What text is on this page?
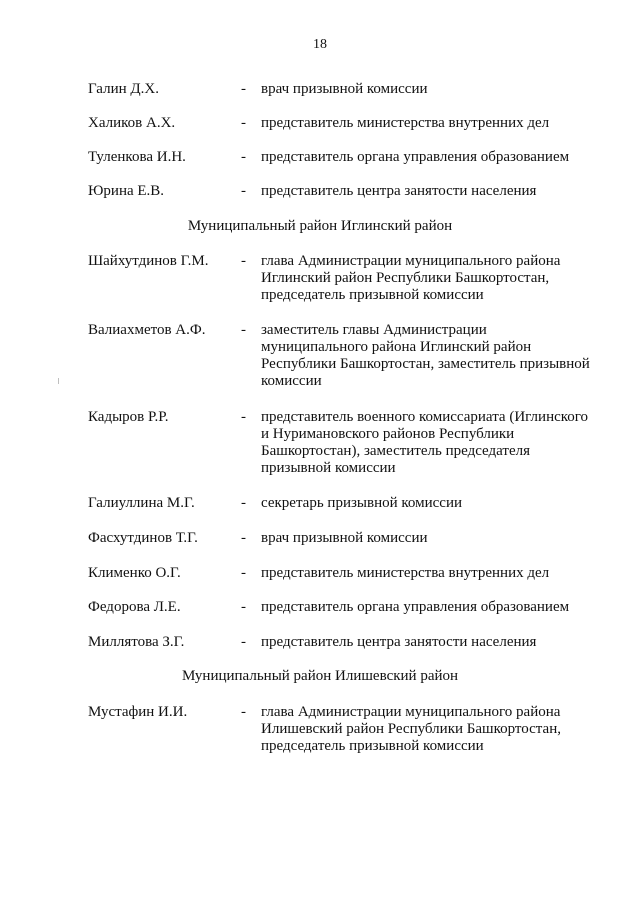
18
Галин Д.Х.	- врач призывной комиссии
Халиков А.Х.	- представитель министерства внутренних дел
Туленкова И.Н.	- представитель органа управления образованием
Юрина Е.В.	- представитель центра занятости населения
Муниципальный район Иглинский район
Шайхутдинов Г.М. - глава Администрации муниципального района
Иглинский район Республики Башкортостан,
председатель призывной комиссии
Валиахметов А.Ф. - заместитель главы Администрации
муниципального района Иглинский район
Республики Башкортостан, заместитель призывной
комиссии
Кадыров Р.Р.	- представитель военного комиссариата (Иглинского
и Нуримановского районов Республики
Башкортостан), заместитель председателя
призывной комиссии
Галиуллина М.Г.	- секретарь призывной комиссии
Фасхутдинов Т.Г.	- врач призывной комиссии
Клименко О.Г.	- представитель министерства внутренних дел
Федорова Л.Е.	- представитель органа управления образованием
Миллятова З.Г.	- представитель центра занятости населения
Муниципальный район Илишевский район
Мустафин И.И.	- глава Администрации муниципального района
Илишевский район Республики Башкортостан,
председатель призывной комиссии
